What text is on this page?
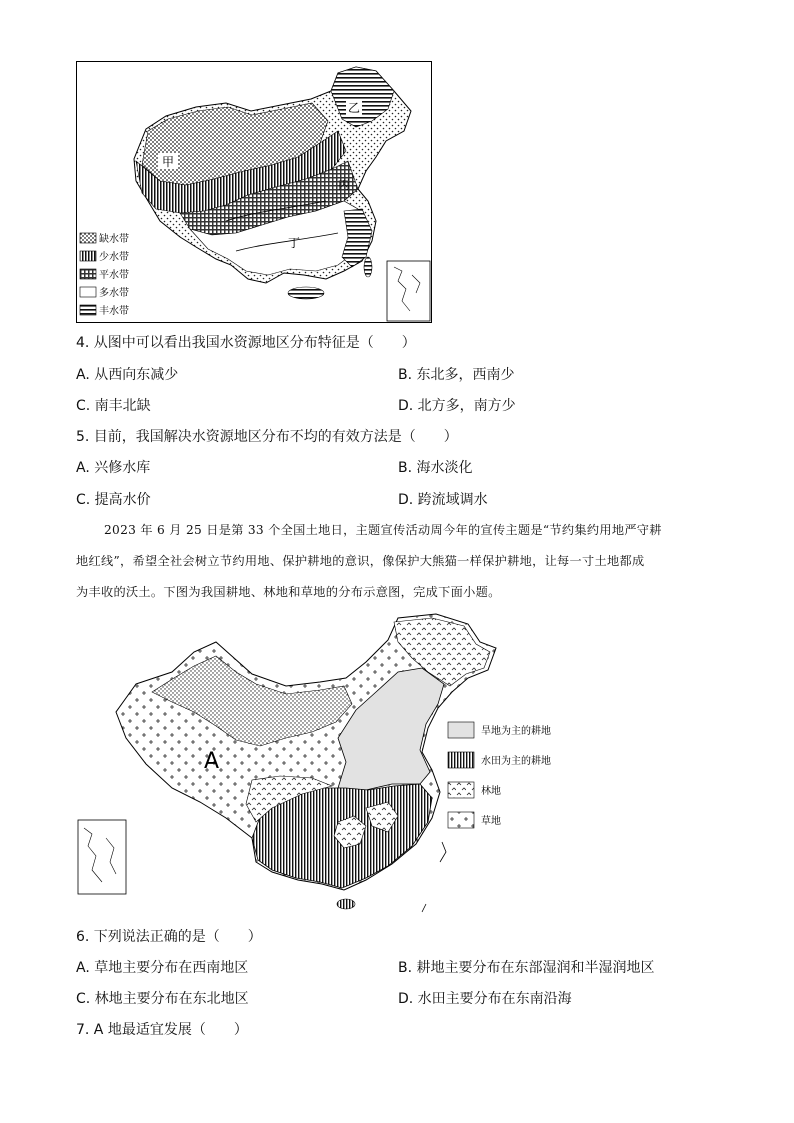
甲
乙
丙
丁
缺水带
少水带
平水带
多水带
丰水带
4. 从图中可以看出我国水资源地区分布特征是（　　）
A. 从西向东减少	B. 东北多，西南少
C. 南丰北缺	D. 北方多，南方少
5. 目前，我国解决水资源地区分布不均的有效方法是（　　）
A. 兴修水库	B. 海水淡化
C. 提高水价	D. 跨流域调水
2023 年 6 月 25 日是第 33 个全国土地日，主题宣传活动周今年的宣传主题是“节约集约用地严守耕
地红线”，希望全社会树立节约用地、保护耕地的意识，像保护大熊猫一样保护耕地，让每一寸土地都成
为丰收的沃土。下图为我国耕地、林地和草地的分布示意图，完成下面小题。
A
旱地为主的耕地
水田为主的耕地
林地
草地
6. 下列说法正确的是（　　）
A. 草地主要分布在西南地区	B. 耕地主要分布在东部湿润和半湿润地区
C. 林地主要分布在东北地区	D. 水田主要分布在东南沿海
7. A 地最适宜发展（　　）
